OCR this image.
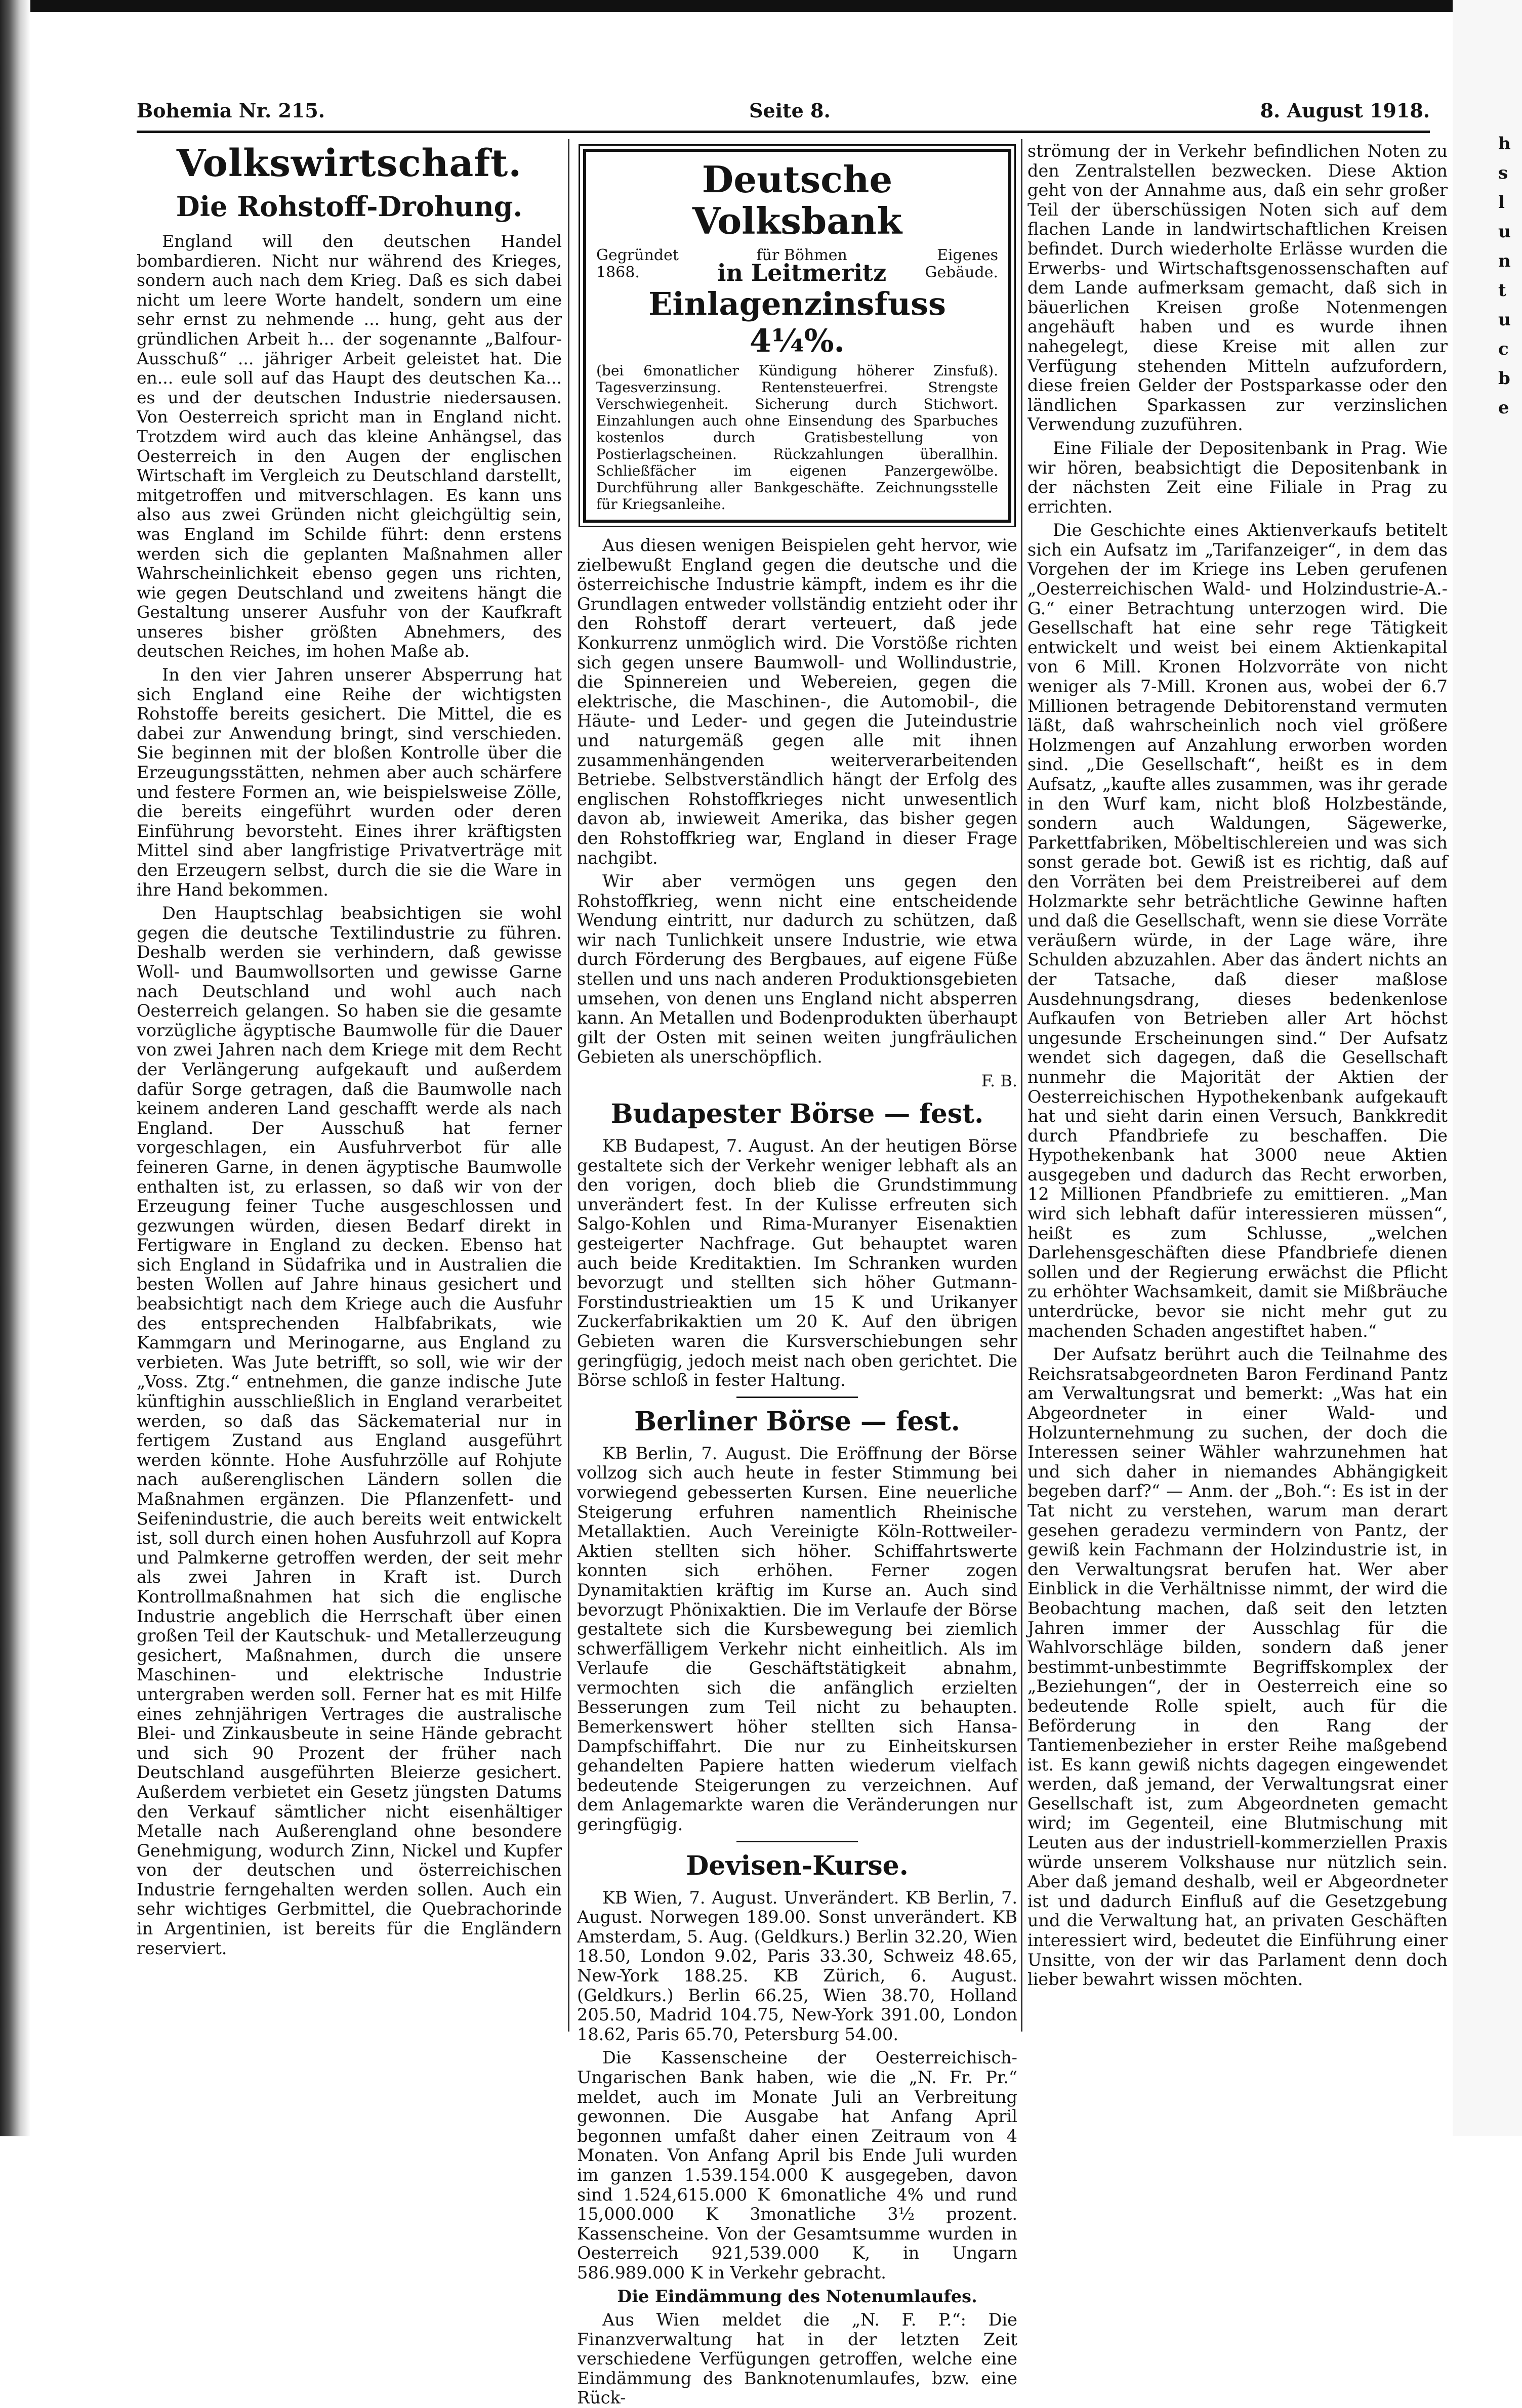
h
s
l
u
n
t
u
c
b
e
Bohemia Nr. 215.	Seite 8.	8. August 1918.
Volkswirtschaft.
Die Rohstoff-Drohung.

England will den deutschen Handel bombardieren. Nicht nur während des Krieges, sondern auch nach dem Krieg. Daß es sich dabei nicht um leere Worte handelt, sondern um eine sehr ernst zu nehmende ... hung, geht aus der gründlichen Arbeit h... der sogenannte „Balfour-Ausschuß“ ... jähriger Arbeit geleistet hat. Die en... eule soll auf das Haupt des deutschen Ka... es und der deutschen Industrie niedersausen. Von Oesterreich spricht man in England nicht. Trotzdem wird auch das kleine Anhängsel, das Oesterreich in den Augen der englischen Wirtschaft im Vergleich zu Deutschland darstellt, mitgetroffen und mitverschlagen. Es kann uns also aus zwei Gründen nicht gleichgültig sein, was England im Schilde führt: denn erstens werden sich die geplanten Maßnahmen aller Wahrscheinlichkeit ebenso gegen uns richten, wie gegen Deutschland und zweitens hängt die Gestaltung unserer Ausfuhr von der Kaufkraft unseres bisher größten Abnehmers, des deutschen Reiches, im hohen Maße ab.

In den vier Jahren unserer Absperrung hat sich England eine Reihe der wichtigsten Rohstoffe bereits gesichert. Die Mittel, die es dabei zur Anwendung bringt, sind verschieden. Sie beginnen mit der bloßen Kontrolle über die Erzeugungsstätten, nehmen aber auch schärfere und festere Formen an, wie beispielsweise Zölle, die bereits eingeführt wurden oder deren Einführung bevorsteht. Eines ihrer kräftigsten Mittel sind aber langfristige Privatverträge mit den Erzeugern selbst, durch die sie die Ware in ihre Hand bekommen.

Den Hauptschlag beabsichtigen sie wohl gegen die deutsche Textilindustrie zu führen. Deshalb werden sie verhindern, daß gewisse Woll- und Baumwollsorten und gewisse Garne nach Deutschland und wohl auch nach Oesterreich gelangen. So haben sie die gesamte vorzügliche ägyptische Baumwolle für die Dauer von zwei Jahren nach dem Kriege mit dem Recht der Verlängerung aufgekauft und außerdem dafür Sorge getragen, daß die Baumwolle nach keinem anderen Land geschafft werde als nach England. Der Ausschuß hat ferner vorgeschlagen, ein Ausfuhrverbot für alle feineren Garne, in denen ägyptische Baumwolle enthalten ist, zu erlassen, so daß wir von der Erzeugung feiner Tuche ausgeschlossen und gezwungen würden, diesen Bedarf direkt in Fertigware in England zu decken. Ebenso hat sich England in Südafrika und in Australien die besten Wollen auf Jahre hinaus gesichert und beabsichtigt nach dem Kriege auch die Ausfuhr des entsprechenden Halbfabrikats, wie Kammgarn und Merinogarne, aus England zu verbieten. Was Jute betrifft, so soll, wie wir der „Voss. Ztg.“ entnehmen, die ganze indische Jute künftighin ausschließlich in England verarbeitet werden, so daß das Säckematerial nur in fertigem Zustand aus England ausgeführt werden könnte. Hohe Ausfuhrzölle auf Rohjute nach außerenglischen Ländern sollen die Maßnahmen ergänzen. Die Pflanzenfett- und Seifenindustrie, die auch bereits weit entwickelt ist, soll durch einen hohen Ausfuhrzoll auf Kopra und Palmkerne getroffen werden, der seit mehr als zwei Jahren in Kraft ist. Durch Kontrollmaßnahmen hat sich die englische Industrie angeblich die Herrschaft über einen großen Teil der Kautschuk- und Metallerzeugung gesichert, Maßnahmen, durch die unsere Maschinen- und elektrische Industrie untergraben werden soll. Ferner hat es mit Hilfe eines zehnjährigen Vertrages die australische Blei- und Zinkausbeute in seine Hände gebracht und sich 90 Prozent der früher nach Deutschland ausgeführten Bleierze gesichert. Außerdem verbietet ein Gesetz jüngsten Datums den Verkauf sämtlicher nicht eisenhältiger Metalle nach Außerengland ohne besondere Genehmigung, wodurch Zinn, Nickel und Kupfer von der deutschen und österreichischen Industrie ferngehalten werden sollen. Auch ein sehr wichtiges Gerbmittel, die Quebrachorinde in Argentinien, ist bereits für die Engländern reserviert.

Deutsche Volksbank
Gegründet
1868.
für Böhmen
in Leitmeritz
Eigenes
Gebäude.
Einlagenzinsfuss 4¼%.
(bei 6monatlicher Kündigung höherer Zinsfuß). Tagesverzinsung. Rentensteuerfrei. Strengste Verschwiegenheit. Sicherung durch Stichwort. Einzahlungen auch ohne Einsendung des Sparbuches kostenlos durch Gratisbestellung von Postierlagscheinen. Rückzahlungen überallhin. Schließfächer im eigenen Panzergewölbe. Durchführung aller Bankgeschäfte. Zeichnungsstelle für Kriegsanleihe.

Aus diesen wenigen Beispielen geht hervor, wie zielbewußt England gegen die deutsche und die österreichische Industrie kämpft, indem es ihr die Grundlagen entweder vollständig entzieht oder ihr den Rohstoff derart verteuert, daß jede Konkurrenz unmöglich wird. Die Vorstöße richten sich gegen unsere Baumwoll- und Wollindustrie, die Spinnereien und Webereien, gegen die elektrische, die Maschinen-, die Automobil-, die Häute- und Leder- und gegen die Juteindustrie und naturgemäß gegen alle mit ihnen zusammenhängenden weiterverarbeitenden Betriebe. Selbstverständlich hängt der Erfolg des englischen Rohstoffkrieges nicht unwesentlich davon ab, inwieweit Amerika, das bisher gegen den Rohstoffkrieg war, England in dieser Frage nachgibt.

Wir aber vermögen uns gegen den Rohstoffkrieg, wenn nicht eine entscheidende Wendung eintritt, nur dadurch zu schützen, daß wir nach Tunlichkeit unsere Industrie, wie etwa durch Förderung des Bergbaues, auf eigene Füße stellen und uns nach anderen Produktionsgebieten umsehen, von denen uns England nicht absperren kann. An Metallen und Bodenprodukten überhaupt gilt der Osten mit seinen weiten jungfräulichen Gebieten als unerschöpflich.

F. B.
Budapester Börse — fest.

KB Budapest, 7. August. An der heutigen Börse gestaltete sich der Verkehr weniger lebhaft als an den vorigen, doch blieb die Grundstimmung unverändert fest. In der Kulisse erfreuten sich Salgo-Kohlen und Rima-Muranyer Eisenaktien gesteigerter Nachfrage. Gut behauptet waren auch beide Kreditaktien. Im Schranken wurden bevorzugt und stellten sich höher Gutmann-Forstindustrieaktien um 15 K und Urikanyer Zuckerfabrikaktien um 20 K. Auf den übrigen Gebieten waren die Kursverschiebungen sehr geringfügig, jedoch meist nach oben gerichtet. Die Börse schloß in fester Haltung.

Berliner Börse — fest.

KB Berlin, 7. August. Die Eröffnung der Börse vollzog sich auch heute in fester Stimmung bei vorwiegend gebesserten Kursen. Eine neuerliche Steigerung erfuhren namentlich Rheinische Metallaktien. Auch Vereinigte Köln-Rottweiler-Aktien stellten sich höher. Schiffahrtswerte konnten sich erhöhen. Ferner zogen Dynamitaktien kräftig im Kurse an. Auch sind bevorzugt Phönixaktien. Die im Verlaufe der Börse gestaltete sich die Kursbewegung bei ziemlich schwerfälligem Verkehr nicht einheitlich. Als im Verlaufe die Geschäftstätigkeit abnahm, vermochten sich die anfänglich erzielten Besserungen zum Teil nicht zu behaupten. Bemerkenswert höher stellten sich Hansa-Dampfschiffahrt. Die nur zu Einheitskursen gehandelten Papiere hatten wiederum vielfach bedeutende Steigerungen zu verzeichnen. Auf dem Anlagemarkte waren die Veränderungen nur geringfügig.

Devisen-Kurse.

KB Wien, 7. August. Unverändert. KB Berlin, 7. August. Norwegen 189.00. Sonst unverändert. KB Amsterdam, 5. Aug. (Geldkurs.) Berlin 32.20, Wien 18.50, London 9.02, Paris 33.30, Schweiz 48.65, New-York 188.25. KB Zürich, 6. August. (Geldkurs.) Berlin 66.25, Wien 38.70, Holland 205.50, Madrid 104.75, New-York 391.00, London 18.62, Paris 65.70, Petersburg 54.00.

Die Kassenscheine der Oesterreichisch-Ungarischen Bank haben, wie die „N. Fr. Pr.“ meldet, auch im Monate Juli an Verbreitung gewonnen. Die Ausgabe hat Anfang April begonnen umfaßt daher einen Zeitraum von 4 Monaten. Von Anfang April bis Ende Juli wurden im ganzen 1.539.154.000 K ausgegeben, davon sind 1.524,615.000 K 6monatliche 4% und rund 15,000.000 K 3monatliche 3½ prozent. Kassenscheine. Von der Gesamtsumme wurden in Oesterreich 921,539.000 K, in Ungarn 586.989.000 K in Verkehr gebracht.

Die Eindämmung des Notenumlaufes.

Aus Wien meldet die „N. F. P.“: Die Finanzverwaltung hat in der letzten Zeit verschiedene Verfügungen getroffen, welche eine Eindämmung des Banknotenumlaufes, bzw. eine Rück-

strömung der in Verkehr befindlichen Noten zu den Zentralstellen bezwecken. Diese Aktion geht von der Annahme aus, daß ein sehr großer Teil der überschüssigen Noten sich auf dem flachen Lande in landwirtschaftlichen Kreisen befindet. Durch wiederholte Erlässe wurden die Erwerbs- und Wirtschaftsgenossenschaften auf dem Lande aufmerksam gemacht, daß sich in bäuerlichen Kreisen große Notenmengen angehäuft haben und es wurde ihnen nahegelegt, diese Kreise mit allen zur Verfügung stehenden Mitteln aufzufordern, diese freien Gelder der Postsparkasse oder den ländlichen Sparkassen zur verzinslichen Verwendung zuzuführen.

Eine Filiale der Depositenbank in Prag. Wie wir hören, beabsichtigt die Depositenbank in der nächsten Zeit eine Filiale in Prag zu errichten.

Die Geschichte eines Aktienverkaufs betitelt sich ein Aufsatz im „Tarifanzeiger“, in dem das Vorgehen der im Kriege ins Leben gerufenen „Oesterreichischen Wald- und Holzindustrie-A.-G.“ einer Betrachtung unterzogen wird. Die Gesellschaft hat eine sehr rege Tätigkeit entwickelt und weist bei einem Aktienkapital von 6 Mill. Kronen Holzvorräte von nicht weniger als 7-Mill. Kronen aus, wobei der 6.7 Millionen betragende Debitorenstand vermuten läßt, daß wahrscheinlich noch viel größere Holzmengen auf Anzahlung erworben worden sind. „Die Gesellschaft“, heißt es in dem Aufsatz, „kaufte alles zusammen, was ihr gerade in den Wurf kam, nicht bloß Holzbestände, sondern auch Waldungen, Sägewerke, Parkettfabriken, Möbeltischlereien und was sich sonst gerade bot. Gewiß ist es richtig, daß auf den Vorräten bei dem Preistreiberei auf dem Holzmarkte sehr beträchtliche Gewinne haften und daß die Gesellschaft, wenn sie diese Vorräte veräußern würde, in der Lage wäre, ihre Schulden abzuzahlen. Aber das ändert nichts an der Tatsache, daß dieser maßlose Ausdehnungsdrang, dieses bedenkenlose Aufkaufen von Betrieben aller Art höchst ungesunde Erscheinungen sind.“ Der Aufsatz wendet sich dagegen, daß die Gesellschaft nunmehr die Majorität der Aktien der Oesterreichischen Hypothekenbank aufgekauft hat und sieht darin einen Versuch, Bankkredit durch Pfandbriefe zu beschaffen. Die Hypothekenbank hat 3000 neue Aktien ausgegeben und dadurch das Recht erworben, 12 Millionen Pfandbriefe zu emittieren. „Man wird sich lebhaft dafür interessieren müssen“, heißt es zum Schlusse, „welchen Darlehensgeschäften diese Pfandbriefe dienen sollen und der Regierung erwächst die Pflicht zu erhöhter Wachsamkeit, damit sie Mißbräuche unterdrücke, bevor sie nicht mehr gut zu machenden Schaden angestiftet haben.“

Der Aufsatz berührt auch die Teilnahme des Reichsratsabgeordneten Baron Ferdinand Pantz am Verwaltungsrat und bemerkt: „Was hat ein Abgeordneter in einer Wald- und Holzunternehmung zu suchen, der doch die Interessen seiner Wähler wahrzunehmen hat und sich daher in niemandes Abhängigkeit begeben darf?“ — Anm. der „Boh.“: Es ist in der Tat nicht zu verstehen, warum man derart gesehen geradezu vermindern von Pantz, der gewiß kein Fachmann der Holzindustrie ist, in den Verwaltungsrat berufen hat. Wer aber Einblick in die Verhältnisse nimmt, der wird die Beobachtung machen, daß seit den letzten Jahren immer der Ausschlag für die Wahlvorschläge bilden, sondern daß jener bestimmt-unbestimmte Begriffskomplex der „Beziehungen“, der in Oesterreich eine so bedeutende Rolle spielt, auch für die Beförderung in den Rang der Tantiemenbezieher in erster Reihe maßgebend ist. Es kann gewiß nichts dagegen eingewendet werden, daß jemand, der Verwaltungsrat einer Gesellschaft ist, zum Abgeordneten gemacht wird; im Gegenteil, eine Blutmischung mit Leuten aus der industriell-kommerziellen Praxis würde unserem Volkshause nur nützlich sein. Aber daß jemand deshalb, weil er Abgeordneter ist und dadurch Einfluß auf die Gesetzgebung und die Verwaltung hat, an privaten Geschäften interessiert wird, bedeutet die Einführung einer Unsitte, von der wir das Parlament denn doch lieber bewahrt wissen möchten.
